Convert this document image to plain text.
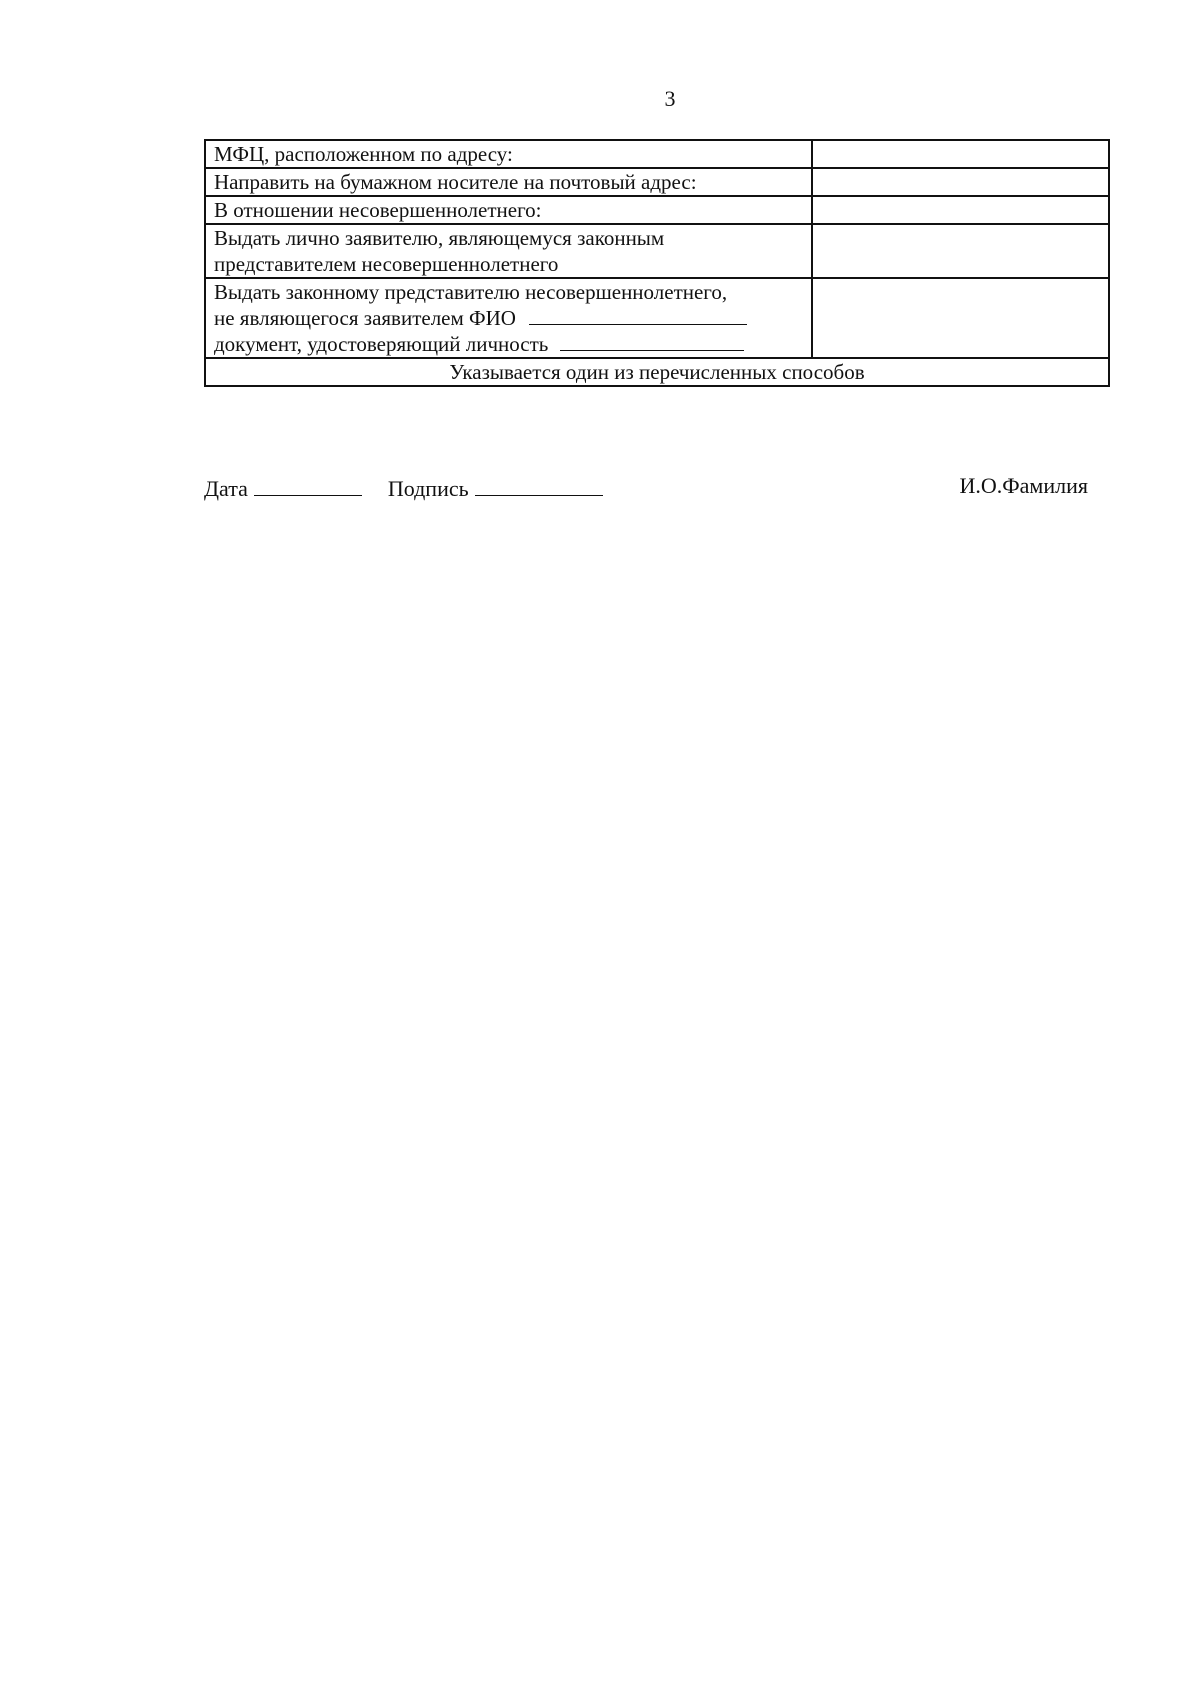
3
МФЦ, расположенном по адресу:	
Направить на бумажном носителе на почтовый адрес:	
В отношении несовершеннолетнего:	

Выдать лично заявителю, являющемуся законным
представителем несовершеннолетнего	

Выдать законному представителю несовершеннолетнего,
не являющегося заявителем ФИО
документ, удостоверяющий личность	

Указывается один из перечисленных способов	
Дата	Подпись	И.О.Фамилия
